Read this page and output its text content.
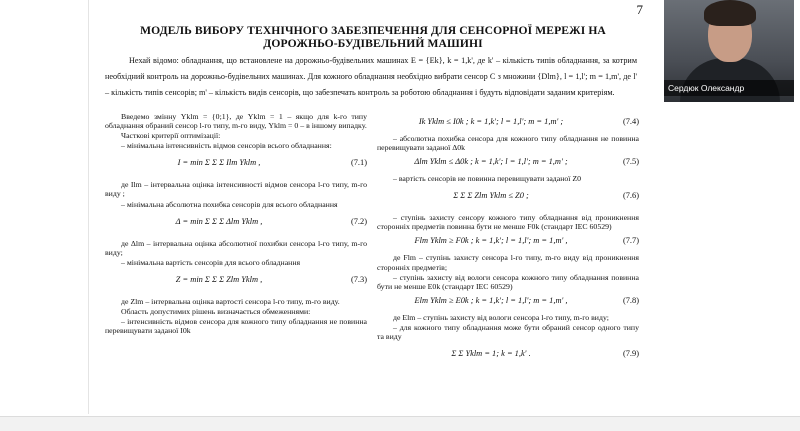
7
МОДЕЛЬ ВИБОРУ ТЕХНІЧНОГО ЗАБЕЗПЕЧЕННЯ ДЛЯ СЕНСОРНОЇ МЕРЕЖІ НА ДОРОЖНЬО-БУДІВЕЛЬНИЙ МАШИНІ
Нехай відомо: обладнання, що встановлене на дорожньо-будівельних машинах E = {Ek}, k = 1,k', де k' – кількість типів обладнання, за котрим необхідний контроль на дорожньо-будівельних машинах. Для кожного обладнання необхідно вибрати сенсор C з множини {Dlm}, l = 1,l'; m = 1,m', де l' – кількість типів сенсорів; m' – кількість видів сенсорів, що забезпечать контроль за роботою обладнання і будуть відповідати заданим критеріям.

Введемо змінну Yklm = {0;1}, де Yklm = 1 – якщо для k-го типу обладнання обраний сенсор l-го типу, m-го виду, Yklm = 0 – в іншому випадку.

Часткові критерії оптимізації:

– мінімальна інтенсивність відмов сенсорів всього обладнання:

I = min Σ Σ Σ Ilm Yklm ,	(7.1)

де Ilm – інтервальна оцінка інтенсивності відмов сенсора l-го типу, m-го виду ;

– мінімальна абсолютна похибка сенсорів для всього обладнання

Δ = min Σ Σ Σ Δlm Yklm ,	(7.2)

де Δlm – інтервальна оцінка абсолютної похибки сенсора l-го типу, m-го виду;

– мінімальна вартість сенсорів для всього обладнання

Z = min Σ Σ Σ Zlm Yklm ,	(7.3)

де Zlm – інтервальна оцінка вартості сенсора l-го типу, m-го виду.

Область допустимих рішень визначається обмеженнями:

– інтенсивність відмов сенсора для кожного типу обладнання не повинна перевищувати заданої I0k

Ik Yklm ≤ I0k ; k = 1,k'; l = 1,l'; m = 1,m' ;	(7.4)

– абсолютна похибка сенсора для кожного типу обладнання не повинна перевищувати заданої Δ0k

Δlm Yklm ≤ Δ0k ; k = 1,k'; l = 1,l'; m = 1,m' ;	(7.5)

– вартість сенсорів не повинна перевищувати заданої Z0

Σ Σ Σ Zlm Yklm ≤ Z0 ;	(7.6)

– ступінь захисту сенсору кожного типу обладнання від проникнення сторонніх предметів повинна бути не менше F0k (стандарт IEC 60529)

Flm Yklm ≥ F0k ; k = 1,k'; l = 1,l'; m = 1,m' ,	(7.7)

де Flm – ступінь захисту сенсора l-го типу, m-го виду від проникнення сторонніх предметів;

– ступінь захисту від вологи сенсора кожного типу обладнання повинна бути не менше E0k (стандарт IEC 60529)

Elm Yklm ≥ E0k ; k = 1,k'; l = 1,l'; m = 1,m' ,	(7.8)

де Elm – ступінь захисту від вологи сенсора l-го типу, m-го виду;

– для кожного типу обладнання може бути обраний сенсор одного типу та виду

Σ Σ Yklm = 1; k = 1,k' .	(7.9)
Сердюк Олександр
